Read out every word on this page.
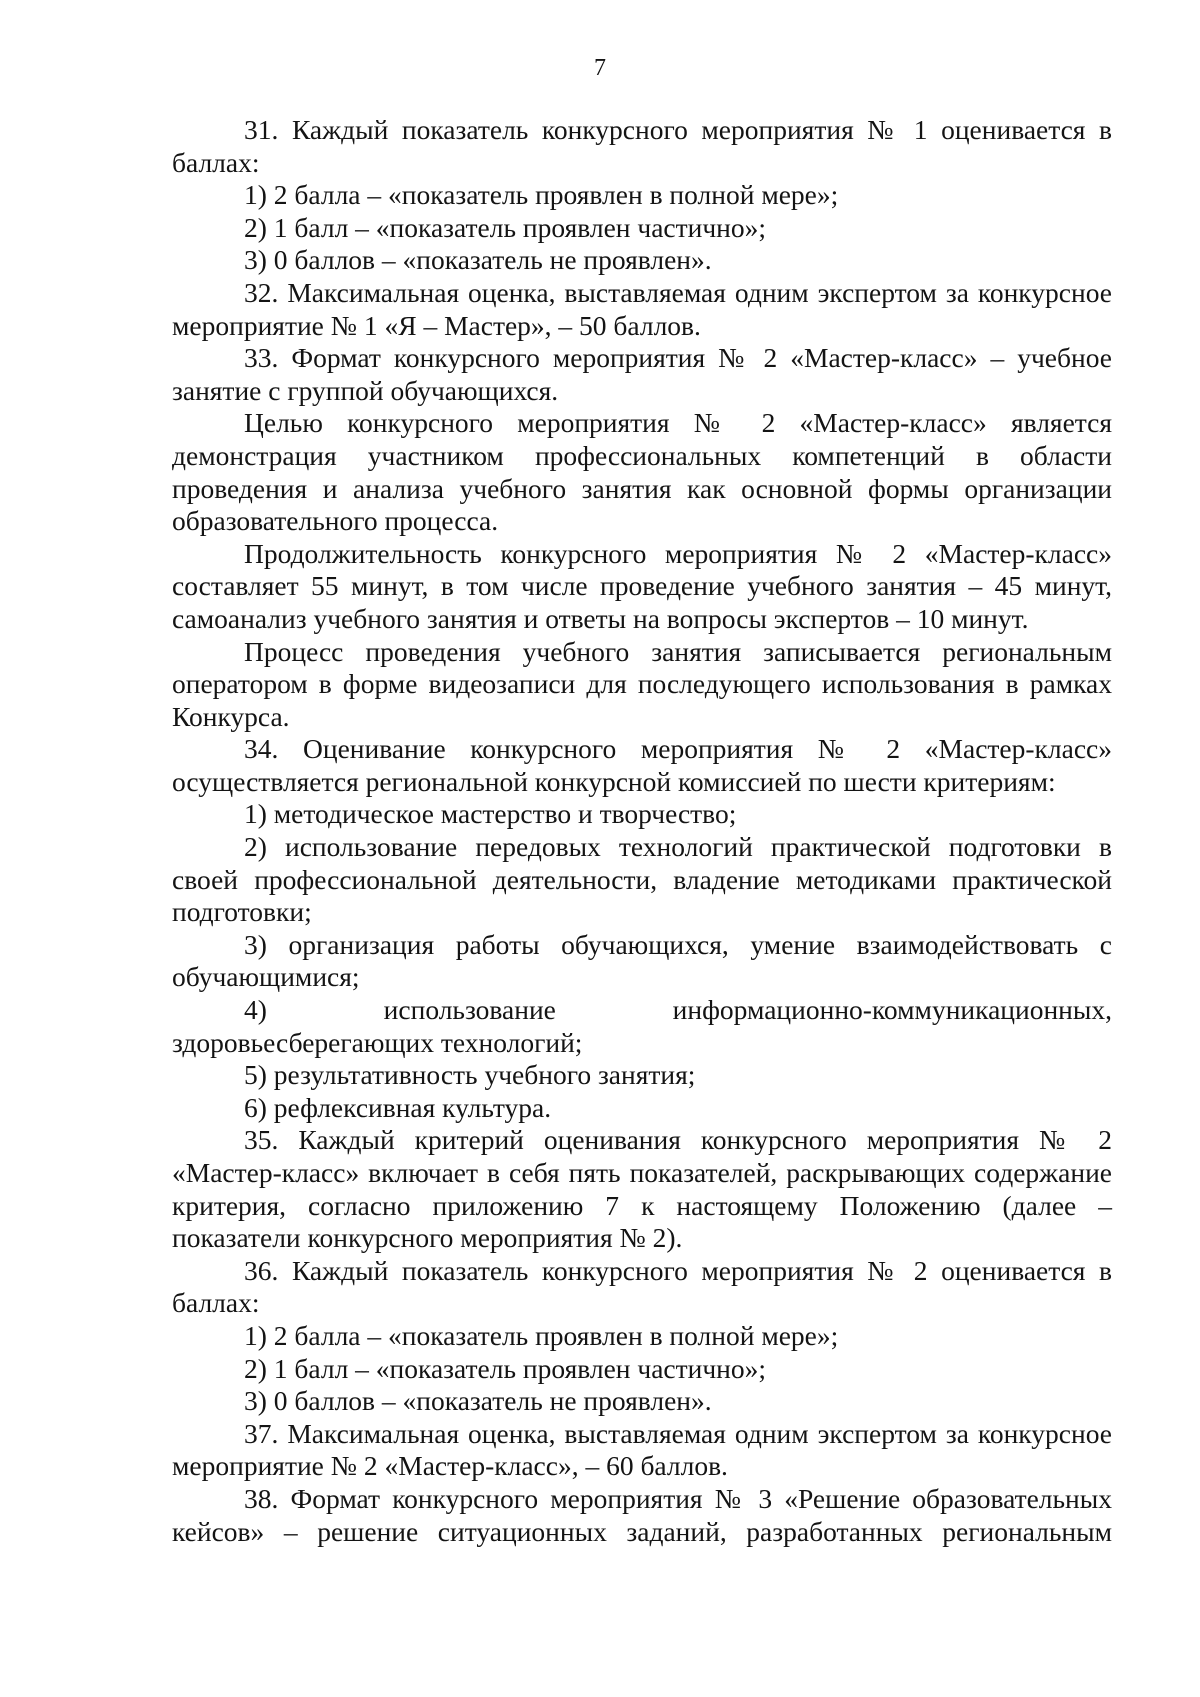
7

31. Каждый показатель конкурсного мероприятия № 1 оценивается в баллах:

1) 2 балла – «показатель проявлен в полной мере»;

2) 1 балл – «показатель проявлен частично»;

3) 0 баллов – «показатель не проявлен».

32. Максимальная оценка, выставляемая одним экспертом за конкурсное мероприятие № 1 «Я – Мастер», – 50 баллов.

33. Формат конкурсного мероприятия № 2 «Мастер-класс» – учебное занятие с группой обучающихся.

Целью конкурсного мероприятия № 2 «Мастер-класс» является демонстрация участником профессиональных компетенций в области проведения и анализа учебного занятия как основной формы организации образовательного процесса.

Продолжительность конкурсного мероприятия № 2 «Мастер-класс» составляет 55 минут, в том числе проведение учебного занятия – 45 минут, самоанализ учебного занятия и ответы на вопросы экспертов – 10 минут.

Процесс проведения учебного занятия записывается региональным оператором в форме видеозаписи для последующего использования в рамках Конкурса.

34. Оценивание конкурсного мероприятия № 2 «Мастер-класс» осуществляется региональной конкурсной комиссией по шести критериям:

1) методическое мастерство и творчество;

2) использование передовых технологий практической подготовки в своей профессиональной деятельности, владение методиками практической подготовки;

3) организация работы обучающихся, умение взаимодействовать с обучающимися;

4) использование информационно-коммуникационных, здоровьесберегающих технологий;

5) результативность учебного занятия;

6) рефлексивная культура.

35. Каждый критерий оценивания конкурсного мероприятия № 2 «Мастер-класс» включает в себя пять показателей, раскрывающих содержание критерия, согласно приложению 7 к настоящему Положению (далее – показатели конкурсного мероприятия № 2).

36. Каждый показатель конкурсного мероприятия № 2 оценивается в баллах:

1) 2 балла – «показатель проявлен в полной мере»;

2) 1 балл – «показатель проявлен частично»;

3) 0 баллов – «показатель не проявлен».

37. Максимальная оценка, выставляемая одним экспертом за конкурсное мероприятие № 2 «Мастер-класс», – 60 баллов.

38. Формат конкурсного мероприятия № 3 «Решение образовательных кейсов» – решение ситуационных заданий, разработанных региональным
